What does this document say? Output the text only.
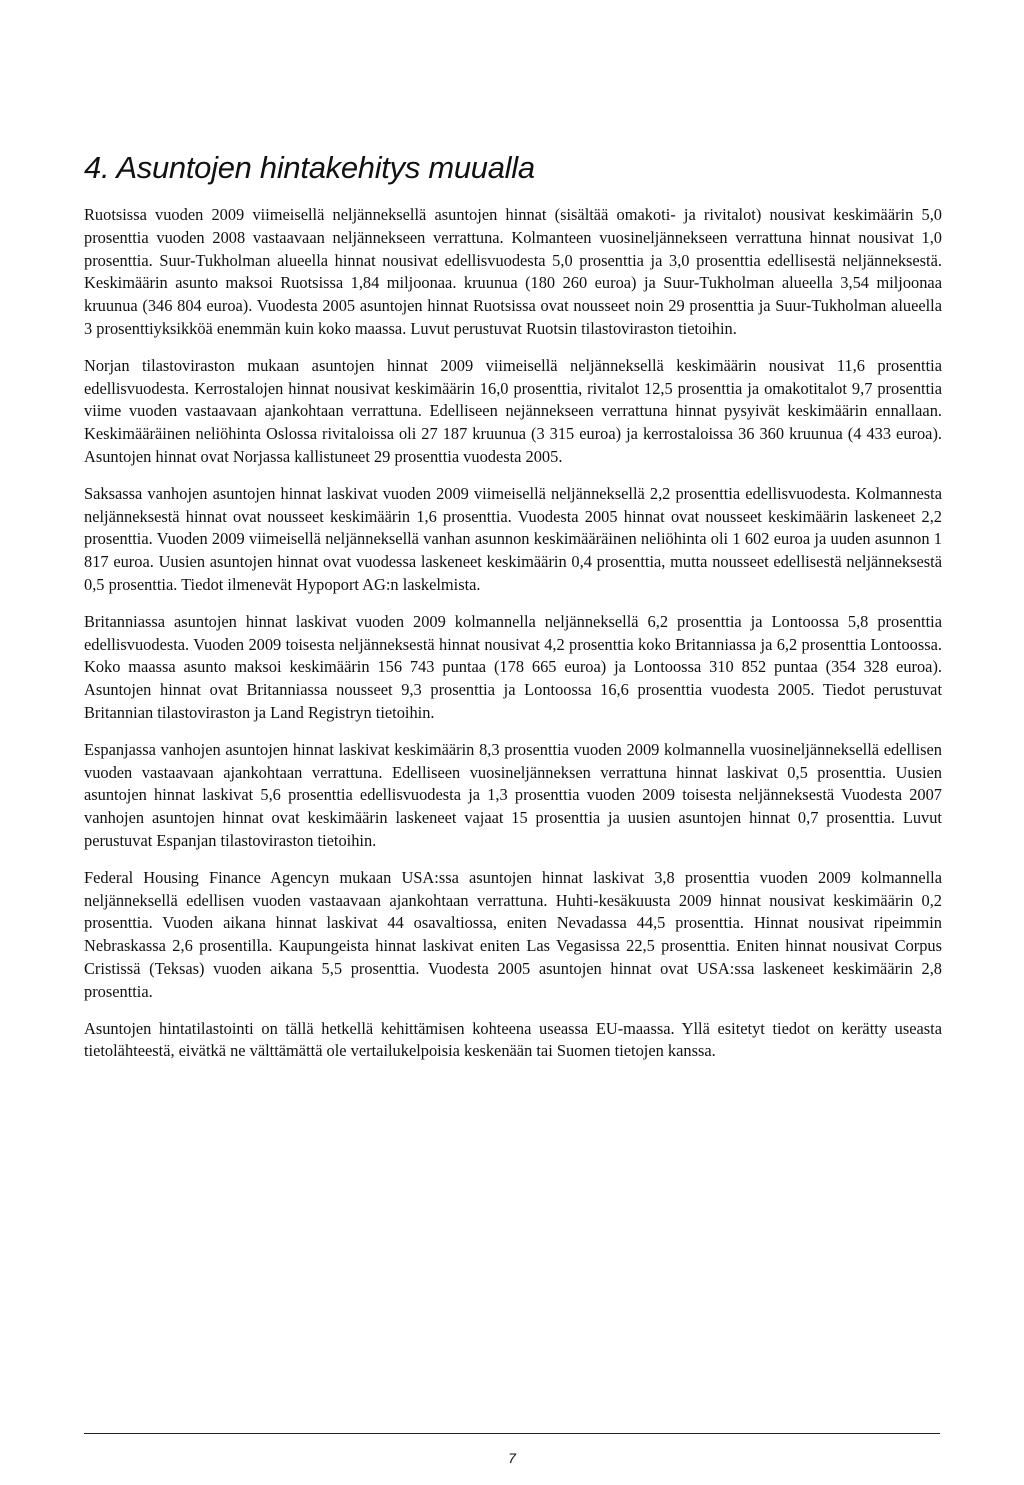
4. Asuntojen hintakehitys muualla

Ruotsissa vuoden 2009 viimeisellä neljänneksellä asuntojen hinnat (sisältää omakoti- ja rivitalot) nousivat keskimäärin 5,0 prosenttia vuoden 2008 vastaavaan neljännekseen verrattuna. Kolmanteen vuosineljännekseen verrattuna hinnat nousivat 1,0 prosenttia. Suur-Tukholman alueella hinnat nousivat edellisvuodesta 5,0 prosenttia ja 3,0 prosenttia edellisestä neljänneksestä. Keskimäärin asunto maksoi Ruotsissa 1,84 miljoonaa. kruunua (180 260 euroa) ja Suur-Tukholman alueella 3,54 miljoonaa kruunua (346 804 euroa). Vuodesta 2005 asuntojen hinnat Ruotsissa ovat nousseet noin 29 prosenttia ja Suur-Tukholman alueella 3 prosenttiyksikköä enemmän kuin koko maassa. Luvut perustuvat Ruotsin tilastoviraston tietoihin.

Norjan tilastoviraston mukaan asuntojen hinnat 2009 viimeisellä neljänneksellä keskimäärin nousivat 11,6 prosenttia edellisvuodesta. Kerrostalojen hinnat nousivat keskimäärin 16,0 prosenttia, rivitalot 12,5 prosenttia ja omakotitalot 9,7 prosenttia viime vuoden vastaavaan ajankohtaan verrattuna. Edelliseen nejännekseen verrattuna hinnat pysyivät keskimäärin ennallaan. Keskimääräinen neliöhinta Oslossa rivitaloissa oli 27 187 kruunua (3 315 euroa) ja kerrostaloissa 36 360 kruunua (4 433 euroa). Asuntojen hinnat ovat Norjassa kallistuneet 29 prosenttia vuodesta 2005.

Saksassa vanhojen asuntojen hinnat laskivat vuoden 2009 viimeisellä neljänneksellä 2,2 prosenttia edellisvuodesta. Kolmannesta neljänneksestä hinnat ovat nousseet keskimäärin 1,6 prosenttia. Vuodesta 2005 hinnat ovat nousseet keskimäärin laskeneet 2,2 prosenttia. Vuoden 2009 viimeisellä neljänneksellä vanhan asunnon keskimääräinen neliöhinta oli 1 602 euroa ja uuden asunnon 1 817 euroa. Uusien asuntojen hinnat ovat vuodessa laskeneet keskimäärin 0,4 prosenttia, mutta nousseet edellisestä neljänneksestä 0,5 prosenttia. Tiedot ilmenevät Hypoport AG:n laskelmista.

Britanniassa asuntojen hinnat laskivat vuoden 2009 kolmannella neljänneksellä 6,2 prosenttia ja Lontoossa 5,8 prosenttia edellisvuodesta. Vuoden 2009 toisesta neljänneksestä hinnat nousivat 4,2 prosenttia koko Britanniassa ja 6,2 prosenttia Lontoossa. Koko maassa asunto maksoi keskimäärin 156 743 puntaa (178 665 euroa) ja Lontoossa 310 852 puntaa (354 328 euroa). Asuntojen hinnat ovat Britanniassa nousseet 9,3 prosenttia ja Lontoossa 16,6 prosenttia vuodesta 2005. Tiedot perustuvat Britannian tilastoviraston ja Land Registryn tietoihin.

Espanjassa vanhojen asuntojen hinnat laskivat keskimäärin 8,3 prosenttia vuoden 2009 kolmannella vuosineljänneksellä edellisen vuoden vastaavaan ajankohtaan verrattuna. Edelliseen vuosineljänneksen verrattuna hinnat laskivat 0,5 prosenttia. Uusien asuntojen hinnat laskivat 5,6 prosenttia edellisvuodesta ja 1,3 prosenttia vuoden 2009 toisesta neljänneksestä Vuodesta 2007 vanhojen asuntojen hinnat ovat keskimäärin laskeneet vajaat 15 prosenttia ja uusien asuntojen hinnat 0,7 prosenttia. Luvut perustuvat Espanjan tilastoviraston tietoihin.

Federal Housing Finance Agencyn mukaan USA:ssa asuntojen hinnat laskivat 3,8 prosenttia vuoden 2009 kolmannella neljänneksellä edellisen vuoden vastaavaan ajankohtaan verrattuna. Huhti-kesäkuusta 2009 hinnat nousivat keskimäärin 0,2 prosenttia. Vuoden aikana hinnat laskivat 44 osavaltiossa, eniten Nevadassa 44,5 prosenttia. Hinnat nousivat ripeimmin Nebraskassa 2,6 prosentilla. Kaupungeista hinnat laskivat eniten Las Vegasissa 22,5 prosenttia. Eniten hinnat nousivat Corpus Cristissä (Teksas) vuoden aikana 5,5 prosenttia. Vuodesta 2005 asuntojen hinnat ovat USA:ssa laskeneet keskimäärin 2,8 prosenttia.

Asuntojen hintatilastointi on tällä hetkellä kehittämisen kohteena useassa EU-maassa. Yllä esitetyt tiedot on kerätty useasta tietolähteestä, eivätkä ne välttämättä ole vertailukelpoisia keskenään tai Suomen tietojen kanssa.

7
